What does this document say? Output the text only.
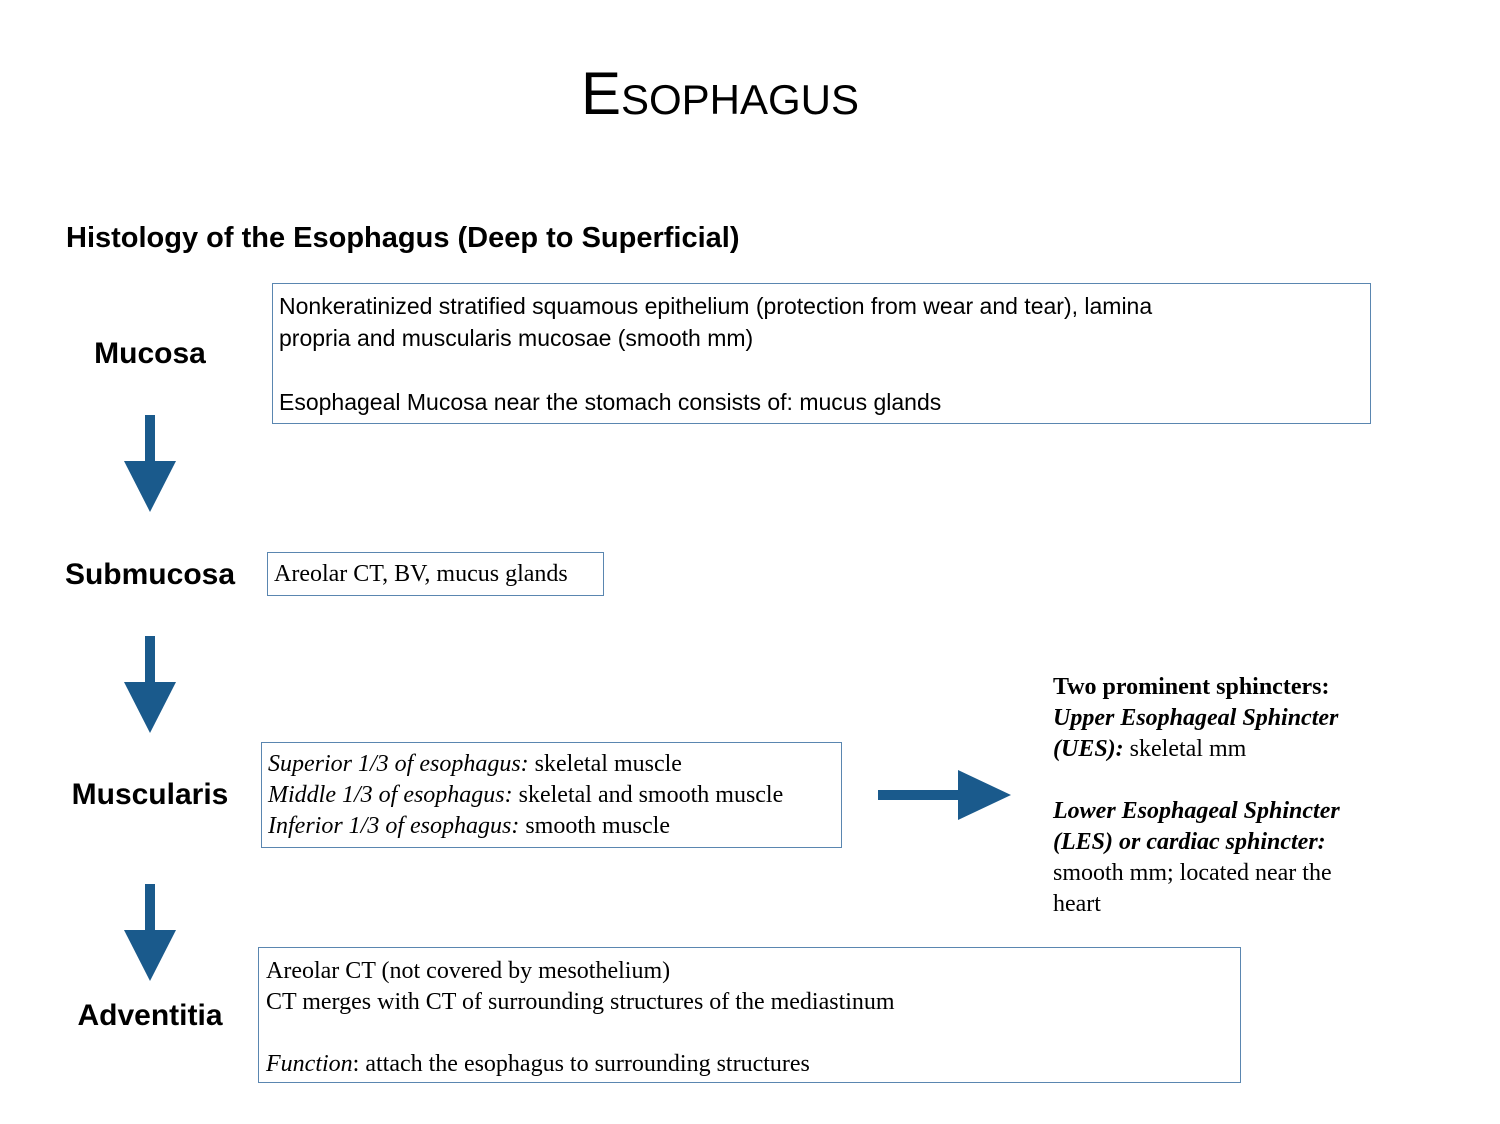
Esophagus
Histology of the Esophagus (Deep to Superficial)
Mucosa
Submucosa
Muscularis
Adventitia
Nonkeratinized stratified squamous epithelium (protection from wear and tear), lamina
propria and muscularis mucosae (smooth mm)
Esophageal Mucosa near the stomach consists of: mucus glands
Areolar CT, BV, mucus glands
Superior 1/3 of esophagus: skeletal muscle
Middle 1/3 of esophagus: skeletal and smooth muscle
Inferior 1/3 of esophagus: smooth muscle
Areolar CT (not covered by mesothelium)
CT merges with CT of surrounding structures of the mediastinum
Function: attach the esophagus to surrounding structures
Two prominent sphincters:
Upper Esophageal Sphincter
(UES): skeletal mm
Lower Esophageal Sphincter
(LES) or cardiac sphincter:
smooth mm; located near the
heart
